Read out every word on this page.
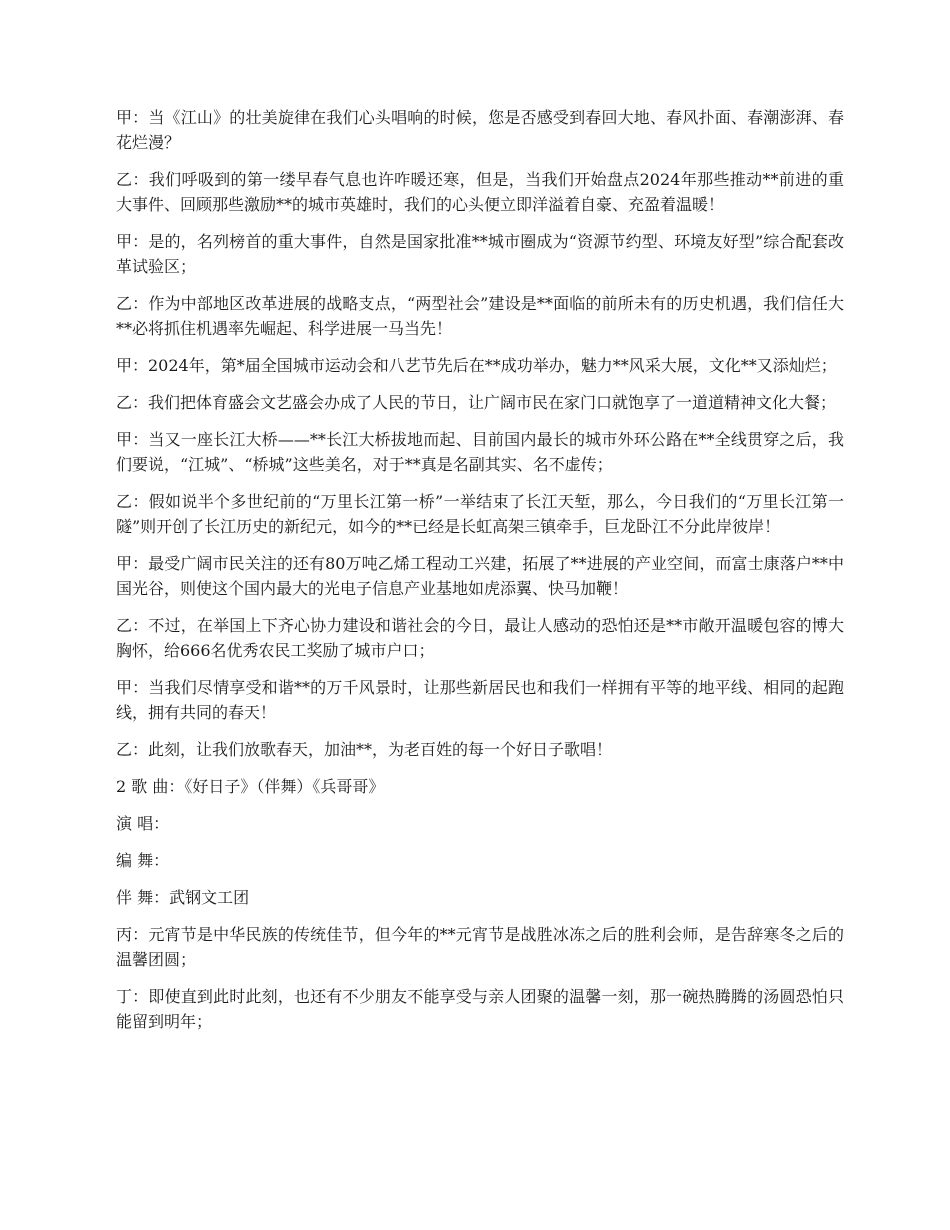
甲：当《江山》的壮美旋律在我们心头唱响的时候，您是否感受到春回大地、春风扑面、春潮澎湃、春花烂漫？

乙：我们呼吸到的第一缕早春气息也许咋暖还寒，但是，当我们开始盘点2024年那些推动**前进的重大事件、回顾那些激励**的城市英雄时，我们的心头便立即洋溢着自豪、充盈着温暖！

甲：是的，名列榜首的重大事件，自然是国家批准**城市圈成为“资源节约型、环境友好型”综合配套改革试验区；

乙：作为中部地区改革进展的战略支点，“两型社会”建设是**面临的前所未有的历史机遇，我们信任大**必将抓住机遇率先崛起、科学进展一马当先！

甲：2024年，第*届全国城市运动会和八艺节先后在**成功举办，魅力**风采大展，文化**又添灿烂；

乙：我们把体育盛会文艺盛会办成了人民的节日，让广阔市民在家门口就饱享了一道道精神文化大餐；

甲：当又一座长江大桥——**长江大桥拔地而起、目前国内最长的城市外环公路在**全线贯穿之后，我们要说，“江城”、“桥城”这些美名，对于**真是名副其实、名不虚传；

乙：假如说半个多世纪前的“万里长江第一桥”一举结束了长江天堑，那么，今日我们的“万里长江第一隧”则开创了长江历史的新纪元，如今的**已经是长虹高架三镇牵手，巨龙卧江不分此岸彼岸！

甲：最受广阔市民关注的还有80万吨乙烯工程动工兴建，拓展了**进展的产业空间，而富士康落户**中国光谷，则使这个国内最大的光电子信息产业基地如虎添翼、快马加鞭！

乙：不过，在举国上下齐心协力建设和谐社会的今日，最让人感动的恐怕还是**市敞开温暖包容的博大胸怀，给666名优秀农民工奖励了城市户口；

甲：当我们尽情享受和谐**的万千风景时，让那些新居民也和我们一样拥有平等的地平线、相同的起跑线，拥有共同的春天！

乙：此刻，让我们放歌春天，加油**，为老百姓的每一个好日子歌唱！

2 歌 曲：《好日子》（伴舞）《兵哥哥》

演 唱：

编 舞：

伴 舞：武钢文工团

丙：元宵节是中华民族的传统佳节，但今年的**元宵节是战胜冰冻之后的胜利会师，是告辞寒冬之后的温馨团圆；

丁：即使直到此时此刻，也还有不少朋友不能享受与亲人团聚的温馨一刻，那一碗热腾腾的汤圆恐怕只能留到明年；
